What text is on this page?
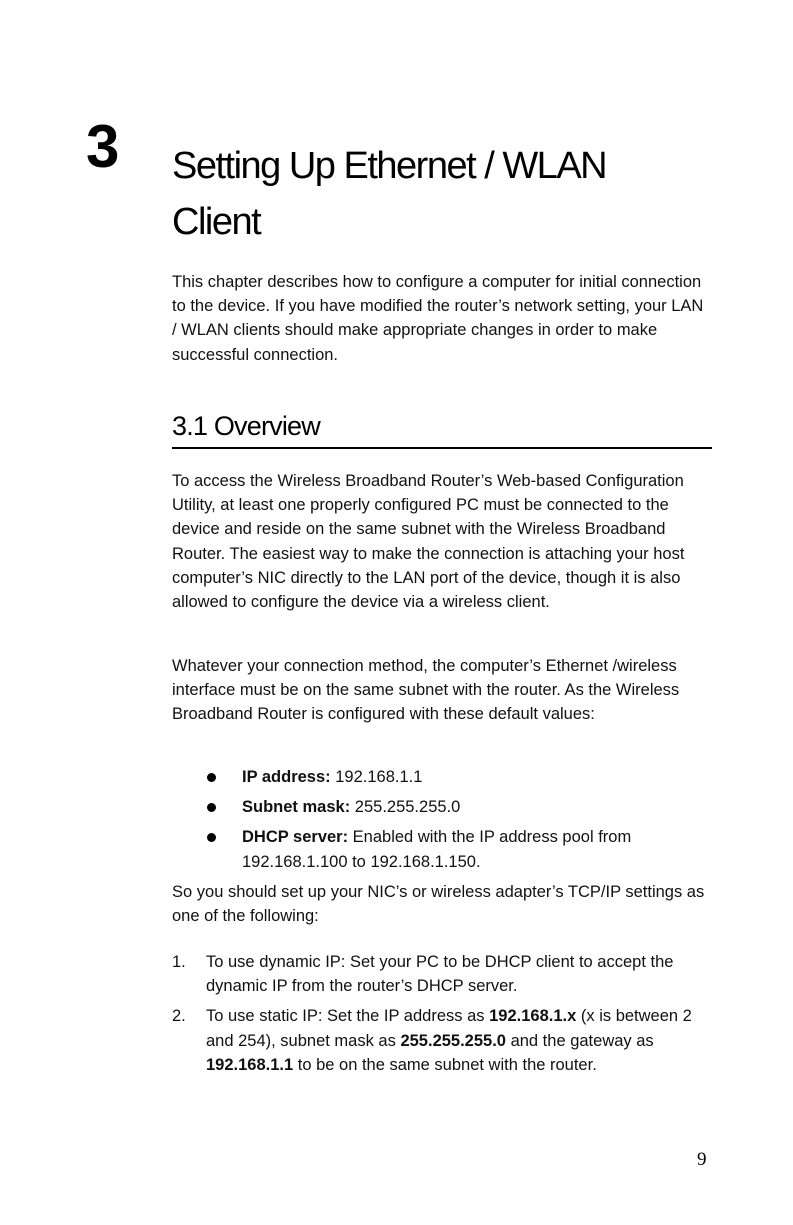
3 Setting Up Ethernet / WLAN
Client

This chapter describes how to configure a computer for initial connection to the device. If you have modified the router’s network setting, your LAN / WLAN clients should make appropriate changes in order to make successful connection.

3.1 Overview

To access the Wireless Broadband Router’s Web-based Configuration Utility, at least one properly configured PC must be connected to the device and reside on the same subnet with the Wireless Broadband Router. The easiest way to make the connection is attaching your host computer’s NIC directly to the LAN port of the device, though it is also allowed to configure the device via a wireless client.

Whatever your connection method, the computer’s Ethernet /wireless interface must be on the same subnet with the router. As the Wireless Broadband Router is configured with these default values:

IP address: 192.168.1.1
Subnet mask: 255.255.255.0
DHCP server: Enabled with the IP address pool from 192.168.1.100 to 192.168.1.150.

So you should set up your NIC’s or wireless adapter’s TCP/IP settings as one of the following:

1. To use dynamic IP: Set your PC to be DHCP client to accept the dynamic IP from the router’s DHCP server.
2. To use static IP: Set the IP address as 192.168.1.x (x is between 2 and 254), subnet mask as 255.255.255.0 and the gateway as 192.168.1.1 to be on the same subnet with the router.
9
